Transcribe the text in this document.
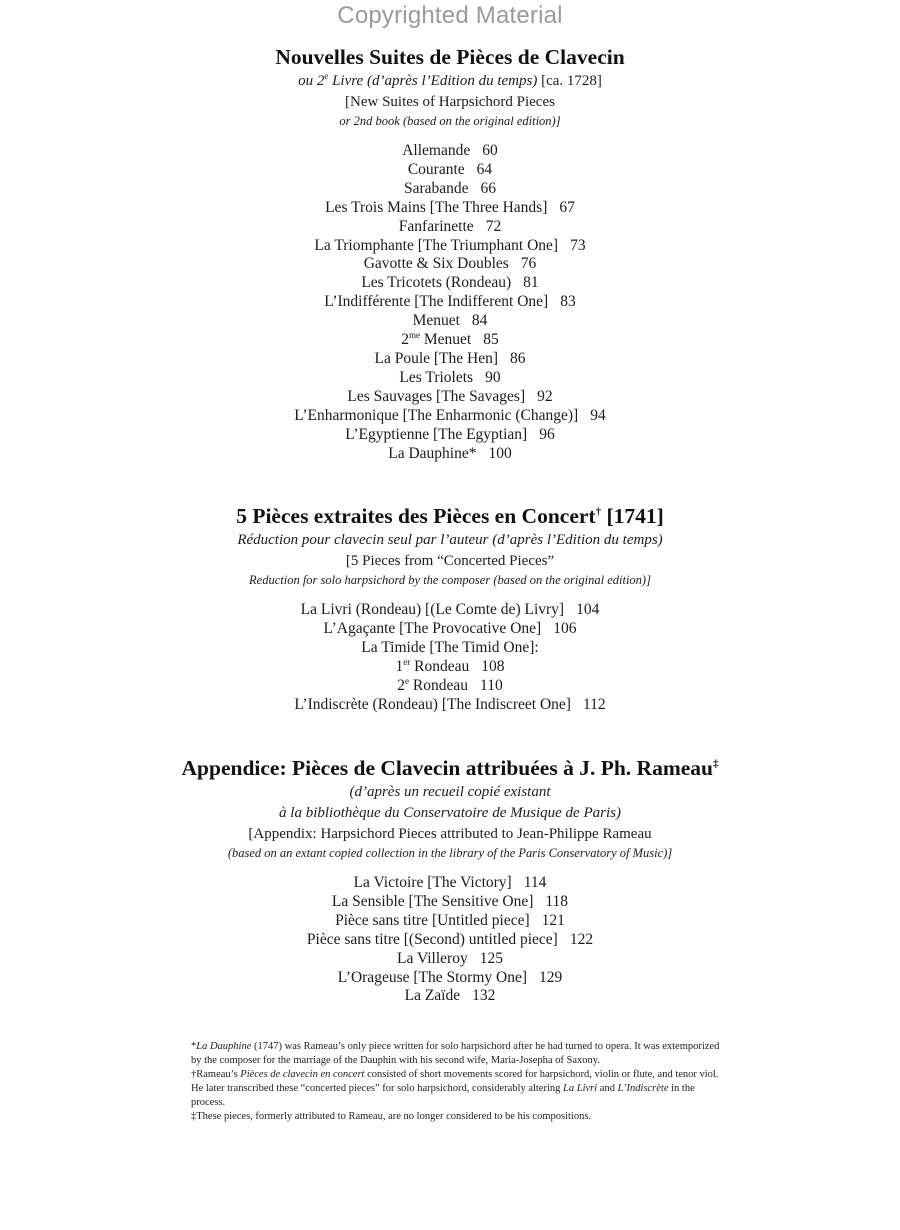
Copyrighted Material
Nouvelles Suites de Pièces de Clavecin
ou 2e Livre (d’après l’Edition du temps) [ca. 1728]
[New Suites of Harpsichord Pieces
or 2nd book (based on the original edition)]
Allemande 60
Courante 64
Sarabande 66
Les Trois Mains [The Three Hands] 67
Fanfarinette 72
La Triomphante [The Triumphant One] 73
Gavotte & Six Doubles 76
Les Tricotets (Rondeau) 81
L’Indifférente [The Indifferent One] 83
Menuet 84
$2^{me}$ Menuet 85
La Poule [The Hen] 86
Les Triolets 90
Les Sauvages [The Savages] 92
L’Enharmonique [The Enharmonic (Change)] 94
L’Egyptienne [The Egyptian] 96
La Dauphine* 100
5 Pièces extraites des Pièces en Concert† [1741]
Réduction pour clavecin seul par l’auteur (d’après l’Edition du temps)
[5 Pieces from “Concerted Pieces”
Reduction for solo harpsichord by the composer (based on the original edition)]
La Livri (Rondeau) [(Le Comte de) Livry] 104
L’Agaçante [The Provocative One] 106
La Timide [The Timid One]:
1er Rondeau 108
2e Rondeau 110
L’Indiscrète (Rondeau) [The Indiscreet One] 112
Appendice: Pièces de Clavecin attribuées à J. Ph. Rameau‡
(d’après un recueil copié existant
à la bibliothèque du Conservatoire de Musique de Paris)
[Appendix: Harpsichord Pieces attributed to Jean-Philippe Rameau
(based on an extant copied collection in the library of the Paris Conservatory of Music)]
La Victoire [The Victory] 114
La Sensible [The Sensitive One] 118
Pièce sans titre [Untitled piece] 121
Pièce sans titre [(Second) untitled piece] 122
La Villeroy 125
L’Orageuse [The Stormy One] 129
La Zaïde 132

*La Dauphine (1747) was Rameau’s only piece written for solo harpsichord after he had turned to opera. It was extemporized by the composer for the marriage of the Dauphin with his second wife, Maria-Josepha of Saxony.

†Rameau’s Pièces de clavecin en concert consisted of short movements scored for harpsichord, violin or flute, and tenor viol. He later transcribed these “concerted pieces” for solo harpsichord, considerably altering La Livri and L’Indiscrète in the process.

‡These pieces, formerly attributed to Rameau, are no longer considered to be his compositions.
